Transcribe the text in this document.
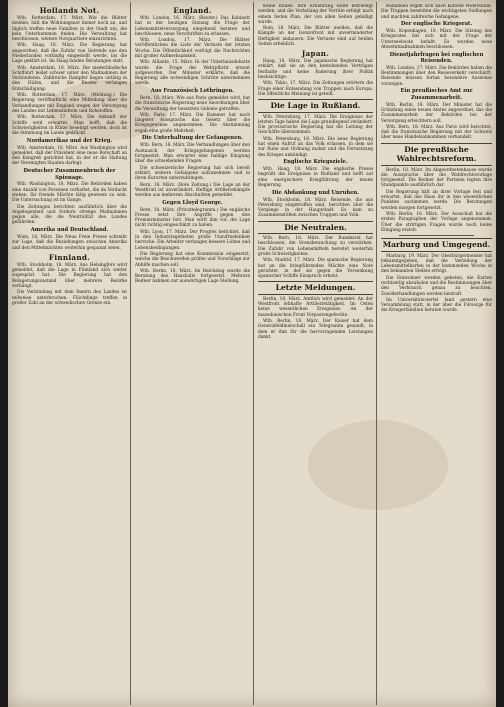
Hollands Not.

Wtb. Rotterdam, 17. März. Wie die Blätter melden, hält die Wohnungsnot immer noch an, und täglich treffen neue Familien in der Stadt ein, die kein Unterkommen finden. Die Verwaltung hat beschlossen, weitere Notquartiere einzurichten.

Wtb. Haag, 16. März. Die Regierung hat angeordnet, daß die Zufuhr von Getreide aus den Niederlanden vorläufig eingestellt werde, bis die Lage geklärt ist. Im Haag fanden Beratungen statt.

Wtb. Amsterdam, 16. März. Die niederländische Schiffahrt leidet schwer unter den Maßnahmen der Verbündeten. Zahlreiche Dampfer liegen untätig in den Häfen, und die Reeder verlangen Entschädigung.

Wtb. Rotterdam, 17. März. (Meldung.) Die Regierung veröffentlicht eine Mitteilung über die Verhandlungen mit England wegen der Versorgung des Landes mit Lebensmitteln und Rohstoffen.

Wtb. Rotterdam, 17. März. Die Ankunft der Schiffe wird erwartet. Man hofft, daß die Schwierigkeiten in Kürze beseitigt werden, doch ist die Stimmung im Lande gedrückt.

Nordamerikas und der Krieg.

Wtb. Amsterdam, 18. März. Aus Washington wird gemeldet, daß der Präsident eine neue Botschaft an den Kongreß gerichtet hat, in der er die Haltung der Vereinigten Staaten darlegt.

Deutscher Zusammenbruch der Spionage.

Wtb. Washington, 18. März. Die Behörden haben eine Anzahl von Personen verhaftet, die im Verdacht stehen, für fremde Mächte tätig gewesen zu sein. Die Untersuchung ist im Gange.

Die Zeitungen berichten ausführlich über die Angelegenheit und fordern strenge Maßnahmen gegen alle, die die Neutralität des Landes gefährden.

Amerika und Deutschland.

Wien, 18. März. Die Neue Freie Presse schreibt zur Lage, daß die Beziehungen zwischen Amerika und den Mittelmächten weiterhin gespannt seien.

Finnland.

Wtb. Stockholm, 18. März. Aus Helsingfors wird gemeldet, daß die Lage in Finnland sich weiter zugespitzt hat. Die Regierung hat den Belagerungszustand über mehrere Bezirke verhängt.

Die Verbindung mit dem Innern des Landes ist teilweise unterbrochen. Flüchtlinge treffen in großer Zahl an der schwedischen Grenze ein.

England.

Wtb. London, 16. März. (Reuter.) Das Kabinett hat in der heutigen Sitzung die Frage der Lebensmittelversorgung eingehend beraten und beschlossen, neue Vorschriften zu erlassen.

Wtb. London, 17. März. Die Blätter veröffentlichen die Liste der Verluste der letzten Woche. Die Öffentlichkeit verfolgt die Nachrichten mit großer Aufmerksamkeit.

Wtb. Alliante, 15. März. In der Unterhausdebatte wurde die Frage der Wehrpflicht erneut aufgeworfen. Der Minister erklärte, daß die Regierung alle notwendigen Schritte unternehmen werde.

Aus Französisch Lothringen.

Bern, 18. März. Wie aus Paris gemeldet wird, hat die französische Regierung neue Anordnungen über die Verwaltung der besetzten Gebiete getroffen.

Wtb. Paris, 17. März. Die Kammer hat nach längerer Aussprache das Gesetz über die Kriegsgewinne angenommen. Die Abstimmung ergab eine große Mehrheit.

Die Unterhaltung der Gefangenen.

Wtb. Bern, 18. März. Die Verhandlungen über den Austausch der Kriegsgefangenen werden fortgesetzt. Man erwartet eine baldige Einigung über die schwebenden Fragen.

Die schweizerische Regierung hat sich bereit erklärt, weitere Gefangene aufzunehmen und in ihren Kurorten unterzubringen.

Bern, 18. März. (Rote Zeitung.) Die Lage an der Westfront ist unverändert. Heftige Artilleriekämpfe werden aus mehreren Abschnitten gemeldet.

Gegen Lloyd George.

Bern, 18. März. (Privattelegramm.) Die englische Presse setzt ihre Angriffe gegen den Premierminister fort. Man wirft ihm vor, die Lage nicht richtig eingeschätzt zu haben.

Wtb. Lyon, 17. März. Der Progrès berichtet, daß in den Industriegebieten große Unzufriedenheit herrsche. Die Arbeiter verlangen bessere Löhne und Lebensbedingungen.

Die Regierung hat eine Kommission eingesetzt, welche die Beschwerden prüfen und Vorschläge zur Abhilfe machen soll.

Wtb. Berlin, 18. März. Im Reichstag wurde die Beratung des Haushalts fortgesetzt. Mehrere Redner nahmen zur auswärtigen Lage Stellung.

Keine Italien. Ihre Ernährung sollte befriedigt werden, und die Verteilung der Vorräte erfolgt nach einem festen Plan, der von allen Seiten gebilligt wurde.

Rom, 18. März. Die Blätter melden, daß die Kämpfe an der Isonzofront mit unverminderter Heftigkeit andauern. Die Verluste sind auf beiden Seiten erheblich.

Japan.

Haag, 18. März. Die japanische Regierung hat erklärt, daß sie an den bestehenden Verträgen festhalte und keine Änderung ihrer Politik beabsichtige.

Wtb. Tokio, 17. März. Die Zeitungen erörtern die Frage einer Entsendung von Truppen nach Europa. Die öffentliche Meinung ist geteilt.

Die Lage in Rußland.

Wtb. Petersburg, 17. März. Die Ereignisse der letzten Tage haben die Lage grundlegend verändert. Die provisorische Regierung hat die Leitung der Geschäfte übernommen.

Wtb. Petersburg, 18. März. Die neue Regierung hat einen Aufruf an das Volk erlassen, in dem sie zur Ruhe und Ordnung mahnt und die Fortsetzung des Krieges ankündigt.

Englische Kriegsziele.

Wtb. Haag, 18. März. Die englische Presse begrüßt die Ereignisse in Rußland und hofft auf eine energischere Kriegführung der neuen Regierung.

Die Abdankung und Unruhen.

Wtb. Stockholm, 18. März. Reisende, die aus Petersburg eingetroffen sind, berichten über die Vorgänge in der Hauptstadt. Es kam zu Zusammenstößen zwischen Truppen und Volk.

Die Neutralen.

Wtb. Bern, 18. März. Der Bundesrat hat beschlossen, die Grenzbewachung zu verstärken. Die Zufuhr von Lebensmitteln bereitet weiterhin große Schwierigkeiten.

Wtb. Madrid, 17. März. Die spanische Regierung hat an die kriegführenden Mächte eine Note gerichtet, in der sie gegen die Versenkung spanischer Schiffe Einspruch erhebt.

Letzte Meldungen.

Berlin, 18. März. Amtlich wird gemeldet: An der Westfront lebhafte Artillerietätigkeit. Im Osten keine wesentlichen Ereignisse. An der mazedonischen Front Vorpostengefechte.

Wtb. Berlin, 18. März. Der Kaiser hat dem Generalfeldmarschall ein Telegramm gesandt, in dem er ihm für die hervorragenden Leistungen dankt.

Rumänien ergibt sich nach kurzem Widerstand. Die Truppen besetzten die wichtigsten Stellungen und machten zahlreiche Gefangene.

Der englische Kriegsrat.

Wtb. Kopenhagen, 18. März. Die Sitzung des Kriegsrates hat sich mit der Frage der Unterseeboote befaßt. Es wurden neue Abwehrmaßnahmen beschlossen.

Dienstjahrfragen bei englischen Reisenden.

Wtb. London, 17. März. Die Behörden haben die Bestimmungen über den Reiseverkehr verschärft. Reisende müssen fortan besondere Ausweise vorzeigen.

Ein preußisches Amt zur Zusammenarbeit.

Wtb. Berlin, 18. März. Der Minister hat die Gründung eines neuen Amtes angeordnet, das die Zusammenarbeit der Behörden bei der Versorgung erleichtern soll.

Wtb. Bern, 18. März. Aus Paris wird berichtet, daß die französische Regierung mit der Schweiz über neue Handelsabkommen verhandelt.

Die preußische Wahlrechtsreform.

Berlin, 18. März. Im Abgeordnetenhause wurde die Aussprache über die Wahlrechtsvorlage fortgesetzt. Die Redner der Parteien legten ihre Standpunkte ausführlich dar.

Die Regierung hält an ihrer Vorlage fest und erwartet, daß das Haus ihr in den wesentlichen Punkten zustimmen werde. Die Beratungen werden morgen fortgesetzt.

Wtb. Berlin, 18. März. Der Ausschuß hat die ersten Paragraphen der Vorlage angenommen. Über die strittigen Fragen wurde noch keine Einigung erzielt.

Marburg und Umgegend.

Marburg, 19. März. Der Oberbürgermeister hat bekanntgegeben, daß die Verteilung der Lebensmittelkarten in der kommenden Woche in den bekannten Stellen erfolgt.

Die Einwohner werden gebeten, die Karten rechtzeitig abzuholen und die Bestimmungen über den Verbrauch genau zu beachten. Zuwiderhandlungen werden bestraft.

Im Universitätsviertel fand gestern eine Versammlung statt, in der über die Fürsorge für die Kriegerfamilien beraten wurde.
